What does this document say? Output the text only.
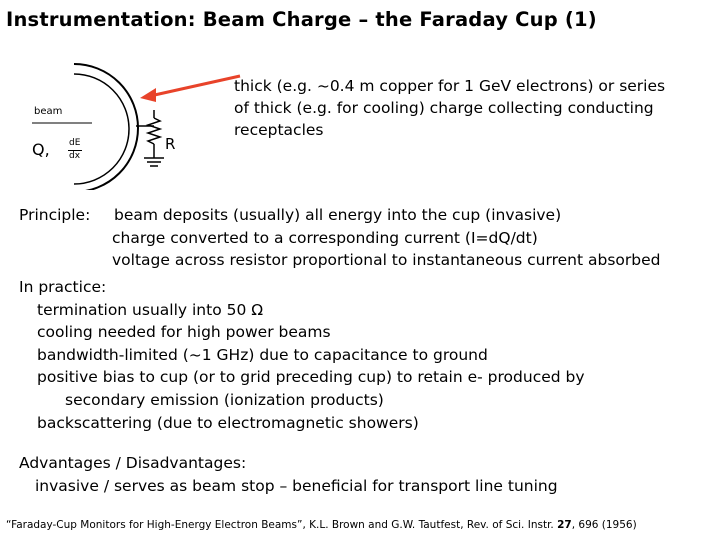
Instrumentation: Beam Charge – the Faraday Cup (1)
beam
Q, dE
dx
R
thick (e.g. ~0.4 m copper for 1 GeV electrons) or series
of thick (e.g. for cooling) charge collecting conducting
receptacles
Principle: beam deposits (usually) all energy into the cup (invasive)
charge converted to a corresponding current (I=dQ/dt)
voltage across resistor proportional to instantaneous current absorbed
In practice:
termination usually into 50 Ω
cooling needed for high power beams
bandwidth-limited (~1 GHz) due to capacitance to ground
positive bias to cup (or to grid preceding cup) to retain e- produced by
secondary emission (ionization products)
backscattering (due to electromagnetic showers)
Advantages / Disadvantages:
invasive / serves as beam stop – beneficial for transport line tuning
“Faraday-Cup Monitors for High-Energy Electron Beams”, K.L. Brown and G.W. Tautfest, Rev. of Sci. Instr. 27, 696 (1956)
